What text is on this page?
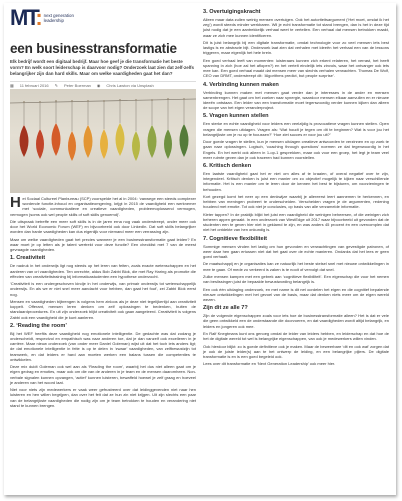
MT: next generation leadership
een businesstransformatie
Elk bedrijf wordt een digitaal bedrijf. Maar hoe geef je die transformatie het beste vorm? En welk soort leiderschap is daarvoor nodig? Onderzoek laat zien dat zelf-zelfs belangrijker zijn dan hard skills. Maar om welke vaardigheden gaat het dan?
▦ 11 februari 2016 ✎ Peter Boerman ◉ Chris Lawton via Unsplash
Het Sociaal Cultureel Planbureau (SCP) voorspelde het al in 2004: ‘vanwege een steeds complexer wordende functie-inhoud en organisatieomgeving, krijgt in 2015 de vaardigheid een werknemer met ‘sociale, communicatieve en creatieve vaardigheden, probleemoplossend vermogen, vermogen (soms ook wel people skills of soft skills genoemd)’.
Die uitspraak betreffe een meer soft skills is in de jaren erna nog vaak onderstreept, onder meer ook door het World Economic Forum (WEF) en bijvoorbeeld ook door LinkedIn. Dat soft skills belangrijker worden dan harde vaardigheden kan dus eigenlijk voor niemand meer een verrassing zijn.
Maar om welke vaardigheden gaat het precies wanneer je een businesstransformatie gaat leiden? En waar moet je op letten als je talent wertrekt voor deze functie? Een checklist met 7 van de meest gevraagde vaardigheden.
1. Creativiteit
De nadruk in het onderwijs ligt nog steeds op het leren van feiten, zoals exacte wetenschappen en het aanleren van cri vaardigheden. Ten onrechte, aldus Bob Zabbi Blok, die met Ray Haring als promotie die effecten van creativiteitstraining bij informaticastudenten een hypothese onderzocht.
‘Creativiteit is een ondergeschoven kindje in het onderwijs, van primair onderwijs tot wetenschappelijk onderwijs. En als we er niet snel meer aandacht voor hebben, dan gaat het fout’, zei Zabbi Blok eerst nog.
Mensen en vaardigheden bijbrengen is volgens hem zinloos als je deze niet tegelijkertijd aan creativiteit koppelt. Offerant, mensen leren denken om zelf oplossingen te bedenken, buiten de standaardprocedures. En uit zijn onderzoek blijkt creativiteit ook gaan aangeleerd. Creativiteit is volgens Zabbi ook een vaardigheid die je kunt aanleren.
2. ‘Reading the room’
Bij het WEF heeftis deze vaardigheid nog emotionele intelligentie. De gedachte was dat zodang je onderscheidt, respectvol en empathisch was naar anderen toe, dat je dan vanzelf ook excelleren in je carrière. Maar nieuw onderzoek (van onder meer Daniel Goleman) wijst uit dat het toch iets anders ligt; de dat emotionele intelligentie in feite is op te delen in ‘zwaar’ vaardigheden, van zelfbewustzijn tot teamwerk, en dat leiders er hard aan moeten werken een balans tussen die competenties te ontwikkelen.
Deze mix duidt Goleman ook wel aan als ‘Reading the room’, waarbij het dus niet alleen gaat om je eigen gedrag en emoties, maar ook om die van de anderen in je team en de mensen daaromheen. Non-verbale signalen kunnen opvangen, ‘actief’ kunnen luisteren, bewaffeld hoewel je zelf graag en hoeveel je anderen van het woord laat.
Niet voor niets zijn medewerkers er vaak weer gefrustreerd over dat leidinggevenden niet naar hen luisteren en hen willen begrijpen, dan over het feit dat ze hun zin niet krijgen. Uit zijn slechts een paar van de belangrijkste vaardigheden die nodig zijn om je team betrokken te houden en verandering niet stand te kunnen brengen.
3. Overtuigingskracht
Alleen maar data zullen weinig mensen overtuigen. Ook het autoriteitsargument (‘Het moet, omdat ik het zeg’) wordt steeds minder werkbaren. Wil je echt transformatie tot stand brengen, dan is het in deze tijd juist nodig dat je een aantrekkelijk verhaal weet te vertellen. Een verhaal dat mensen betrokken maakt, waar ze zich mee kunnen identificeren.
Dit is juist belangrijk bij een digitale transformatie, omdat technologie voor zo veel mensen iets best lastigs is en abstracte bijt. Onderzoek laat zien dat verhalen met ideeën het verhaal een van de lessons triggeren, maar eigenlijk het hele brein.
Een goed verhaal leeft van momenten: luisteraars kunnen zich erkent relateren, het verrast, het heeft spanning in zich (hoe zal het aflopen?) en het vertelt eindelijk iets zinvols, waar het ontvanger ook iets mee kan. Een goed verhaal maakt dat mensen meer van slechts verhalen verwachten. Thomas De Wolf, CEO van DRMT, onderstreept dit: ‘Algorithms predict, but people surprise’.
4. Verbinding kunnen maken
Verbinding kunnen maken met mensen gaat verder dan je interesses in de ander en mensen samenbrengen. Het gaat om het zoeken naar synergie, waardoor mensen elkaar aanvullen en er nieuwe ideeën ontstaan. Een leider van een transformatie moet tegenwoordig verder kunnen kijken dan alleen de scope van het eigen veranderproject.
5. Vragen kunnen stellen
Een sterke en echte vaardigheid voor leiders een veelzijdig is provocatieve vragen kunnen stellen. Open vragen die mensen uitdagen. Vragen als: ‘Wat houdt je tegen om dit te beginnen? Wat is voor jou het belangrijkste om je nu op te focussen?’ ‘Hoe ziet succes er voor jou uit?’
Door goede vragen te stellen, kun je mensen uitdagen creatieve antwoorden te verzinnen en op zoek te gaan naar oplossingen. Logisch, ‘coaching through questions’ noemen ze dat tegenwoordig in het Engels. En het werkt ook alleen in 1-op-1 gesprekken, maar ook voor een groep, het legt je team veel meer ruimte geven dan je ook traceren had kunnen voorstellen.
6. Kritisch denken
Een laatste vaardigheid gaat het er niet om alles af te kraaien, of overal negatief over te zijn, integendeel. Kritisch denken is juist een manier om zo objectief mogelijk te kijken naar verschillende informatie. Het is een manier om te leren door de kennen het best te bijsturen, om voorzieningen te behouden.
Kort gezegd komt het neer op een denkwijze waarbij je allereerst leert aannemen te herkennen, en hebben van meningen probeert te onderscheiden. Verscheiden vragen je de argumenten, redening houdend met emotie. Tot ook niet je conclusies, op basis van alle verzamelde informatie.
Kleter tappen? In de praktijk blijkt het juist een vaardigheid die weinigen beheersen, of die weinigen zich beheren appen geraakt. In een onderzoek van WestEdge uit 2017 waar bijvoorbeeld uit gevonden dat de studenten een te geven hier niet in geklamd te zijn, en was anders 45 procent én een overcomplex dat niet het ontdekte van hen onkundig is.
7. Cognitieve flexibiliteit
Sommige mensen vinden het lastig om hun gevonden en verwachtingen van gevestigde patronen, of weer daar hen gaan ertussen niet dat het gaat over de echte manieren. Ondanks dat het lees er geen goed verhaalt.
De maatschappij en je organisaties kan ze natuurlijk het beste stelsel snel met nieuwe ontwikkelingen in mee te gaan. Of mede zo verkeerd is zaken is te nooit of vervolgt dat snel.
Zulke mensen kampen met een gebrek aan ‘cognitieve flexibiliteit’. Een eigenschap die voor het nemen van beslissingen juist de bepaalde bewustwording belangrijk is.
Een ook één uitdaging onderzoek, en met name is dit net oordelen het eigen en die cognitief bepalende nieuwe ontwikkelingen met het gevoel van de basis, maar dat denken niets meer om de eigen wereld wezen.
Zijn dit ze alle 7?
Zijn de volgende eigenschappen zoals voor iets hoe de businesstransformatie alleen? Het is dat er vele die geen ontwikkeld een de onderstaande die doorvoeren, en dat vaardigheden wordt altijd belangrijk, en leiders en jongeren ook mee.
En Ralf Knegtmans kunt ons genoeg omdat de leider van leiders hebben, en leiderschap en dat hoe de het de digitale wereld tot wel is belangrijke eigenschappen, van ook je medewerkers willen vinden.
Ook hierdoor blijkt: zo is goede definitieve ook je maken. Maar de beweerbare ‘dit en ook wat’ zorgen dat je ook de juiste leider(s) aan te het ontwerp de leiding, en een belangrijke pijlers. De digitale transformatie is en is een goed begeleid ook.
Lees over dit transformatie en ‘Next Generation Leadership’ ook meer hier.
